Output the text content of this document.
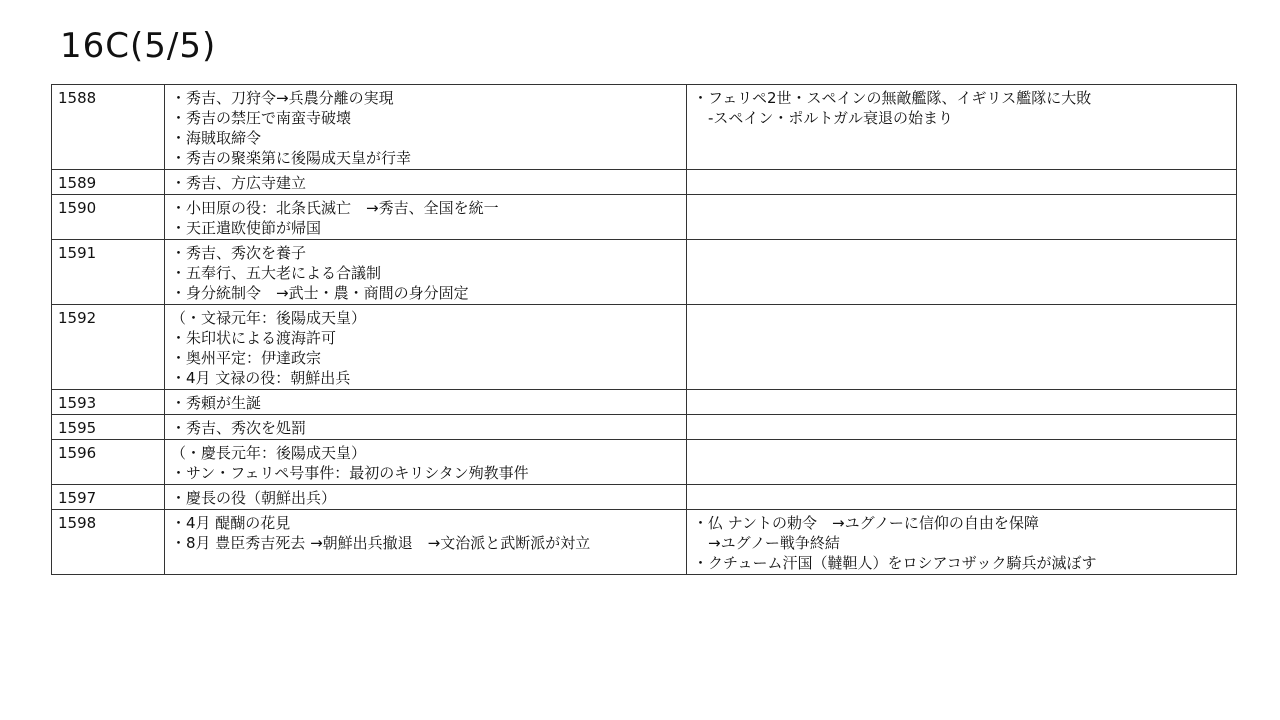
16C(5/5)
1588	・秀吉、刀狩令→兵農分離の実現
・秀吉の禁圧で南蛮寺破壊
・海賊取締令
・秀吉の聚楽第に後陽成天皇が行幸	・フェリペ2世・スペインの無敵艦隊、イギリス艦隊に大敗
　-スペイン・ポルトガル衰退の始まり

1589	・秀吉、方広寺建立	

1590	・小田原の役：北条氏滅亡　→秀吉、全国を統一
・天正遣欧使節が帰国	

1591	・秀吉、秀次を養子
・五奉行、五大老による合議制
・身分統制令　→武士・農・商間の身分固定	

1592	（・文禄元年：後陽成天皇）
・朱印状による渡海許可
・奥州平定：伊達政宗
・4月 文禄の役：朝鮮出兵	

1593	・秀頼が生誕	

1595	・秀吉、秀次を処罰	

1596	（・慶長元年：後陽成天皇）
・サン・フェリペ号事件：最初のキリシタン殉教事件	

1597	・慶長の役（朝鮮出兵）	

1598	・4月 醍醐の花見
・8月 豊臣秀吉死去 →朝鮮出兵撤退　→文治派と武断派が対立	・仏 ナントの勅令　→ユグノーに信仰の自由を保障
　→ユグノー戦争終結
・クチューム汗国（韃靼人）をロシアコザック騎兵が滅ぼす
